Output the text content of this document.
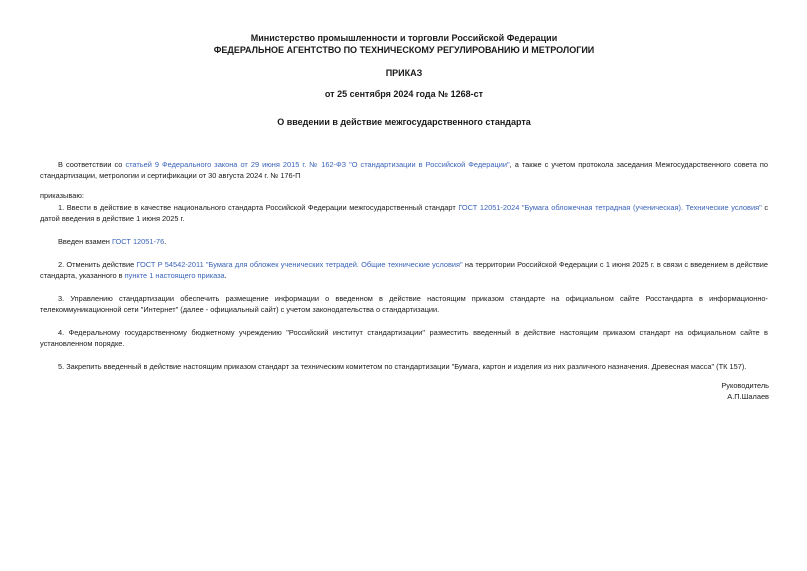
Министерство промышленности и торговли Российской Федерации
ФЕДЕРАЛЬНОЕ АГЕНТСТВО ПО ТЕХНИЧЕСКОМУ РЕГУЛИРОВАНИЮ И МЕТРОЛОГИИ
ПРИКАЗ
от 25 сентября 2024 года № 1268-ст
О введении в действие межгосударственного стандарта

В соответствии со статьей 9 Федерального закона от 29 июня 2015 г. № 162-ФЗ "О стандартизации в Российской Федерации", а также с учетом протокола заседания Межгосударственного совета по стандартизации, метрологии и сертификации от 30 августа 2024 г. № 176-П

приказываю:

1. Ввести в действие в качестве национального стандарта Российской Федерации межгосударственный стандарт ГОСТ 12051-2024 "Бумага обложечная тетрадная (ученическая). Технические условия" с датой введения в действие 1 июня 2025 г.

Введен взамен ГОСТ 12051-76.

2. Отменить действие ГОСТ Р 54542-2011 "Бумага для обложек ученических тетрадей. Общие технические условия" на территории Российской Федерации с 1 июня 2025 г. в связи с введением в действие стандарта, указанного в пункте 1 настоящего приказа.

3. Управлению стандартизации обеспечить размещение информации о введенном в действие настоящим приказом стандарте на официальном сайте Росстандарта в информационно-телекоммуникационной сети "Интернет" (далее - официальный сайт) с учетом законодательства о стандартизации.

4. Федеральному государственному бюджетному учреждению "Российский институт стандартизации" разместить введенный в действие настоящим приказом стандарт на официальном сайте в установленном порядке.

5. Закрепить введенный в действие настоящим приказом стандарт за техническим комитетом по стандартизации "Бумага, картон и изделия из них различного назначения. Древесная масса" (ТК 157).

Руководитель
А.П.Шалаев
